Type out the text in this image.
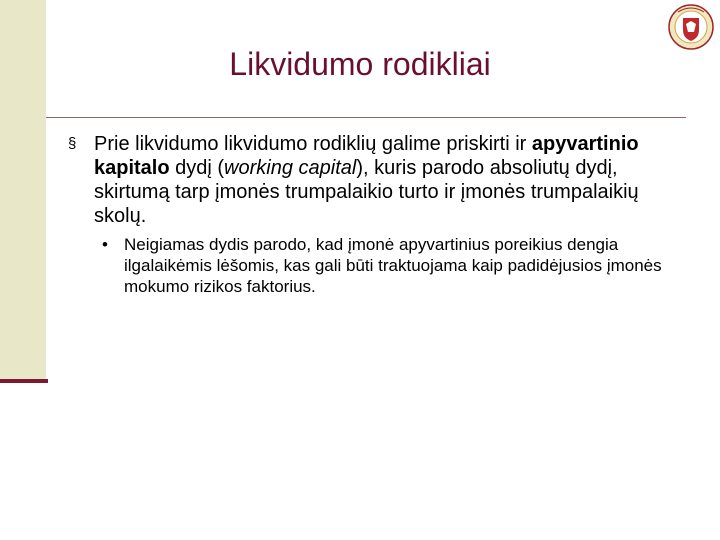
Likvidumo rodikliai
§ Prie likvidumo likvidumo rodiklių galime priskirti ir apyvartinio kapitalo dydį (working capital), kuris parodo absoliutų dydį, skirtumą tarp įmonės trumpalaikio turto ir įmonės trumpalaikių skolų.
• Neigiamas dydis parodo, kad įmonė apyvartinius poreikius dengia ilgalaikėmis lėšomis, kas gali būti traktuojama kaip padidėjusios įmonės mokumo rizikos faktorius.
